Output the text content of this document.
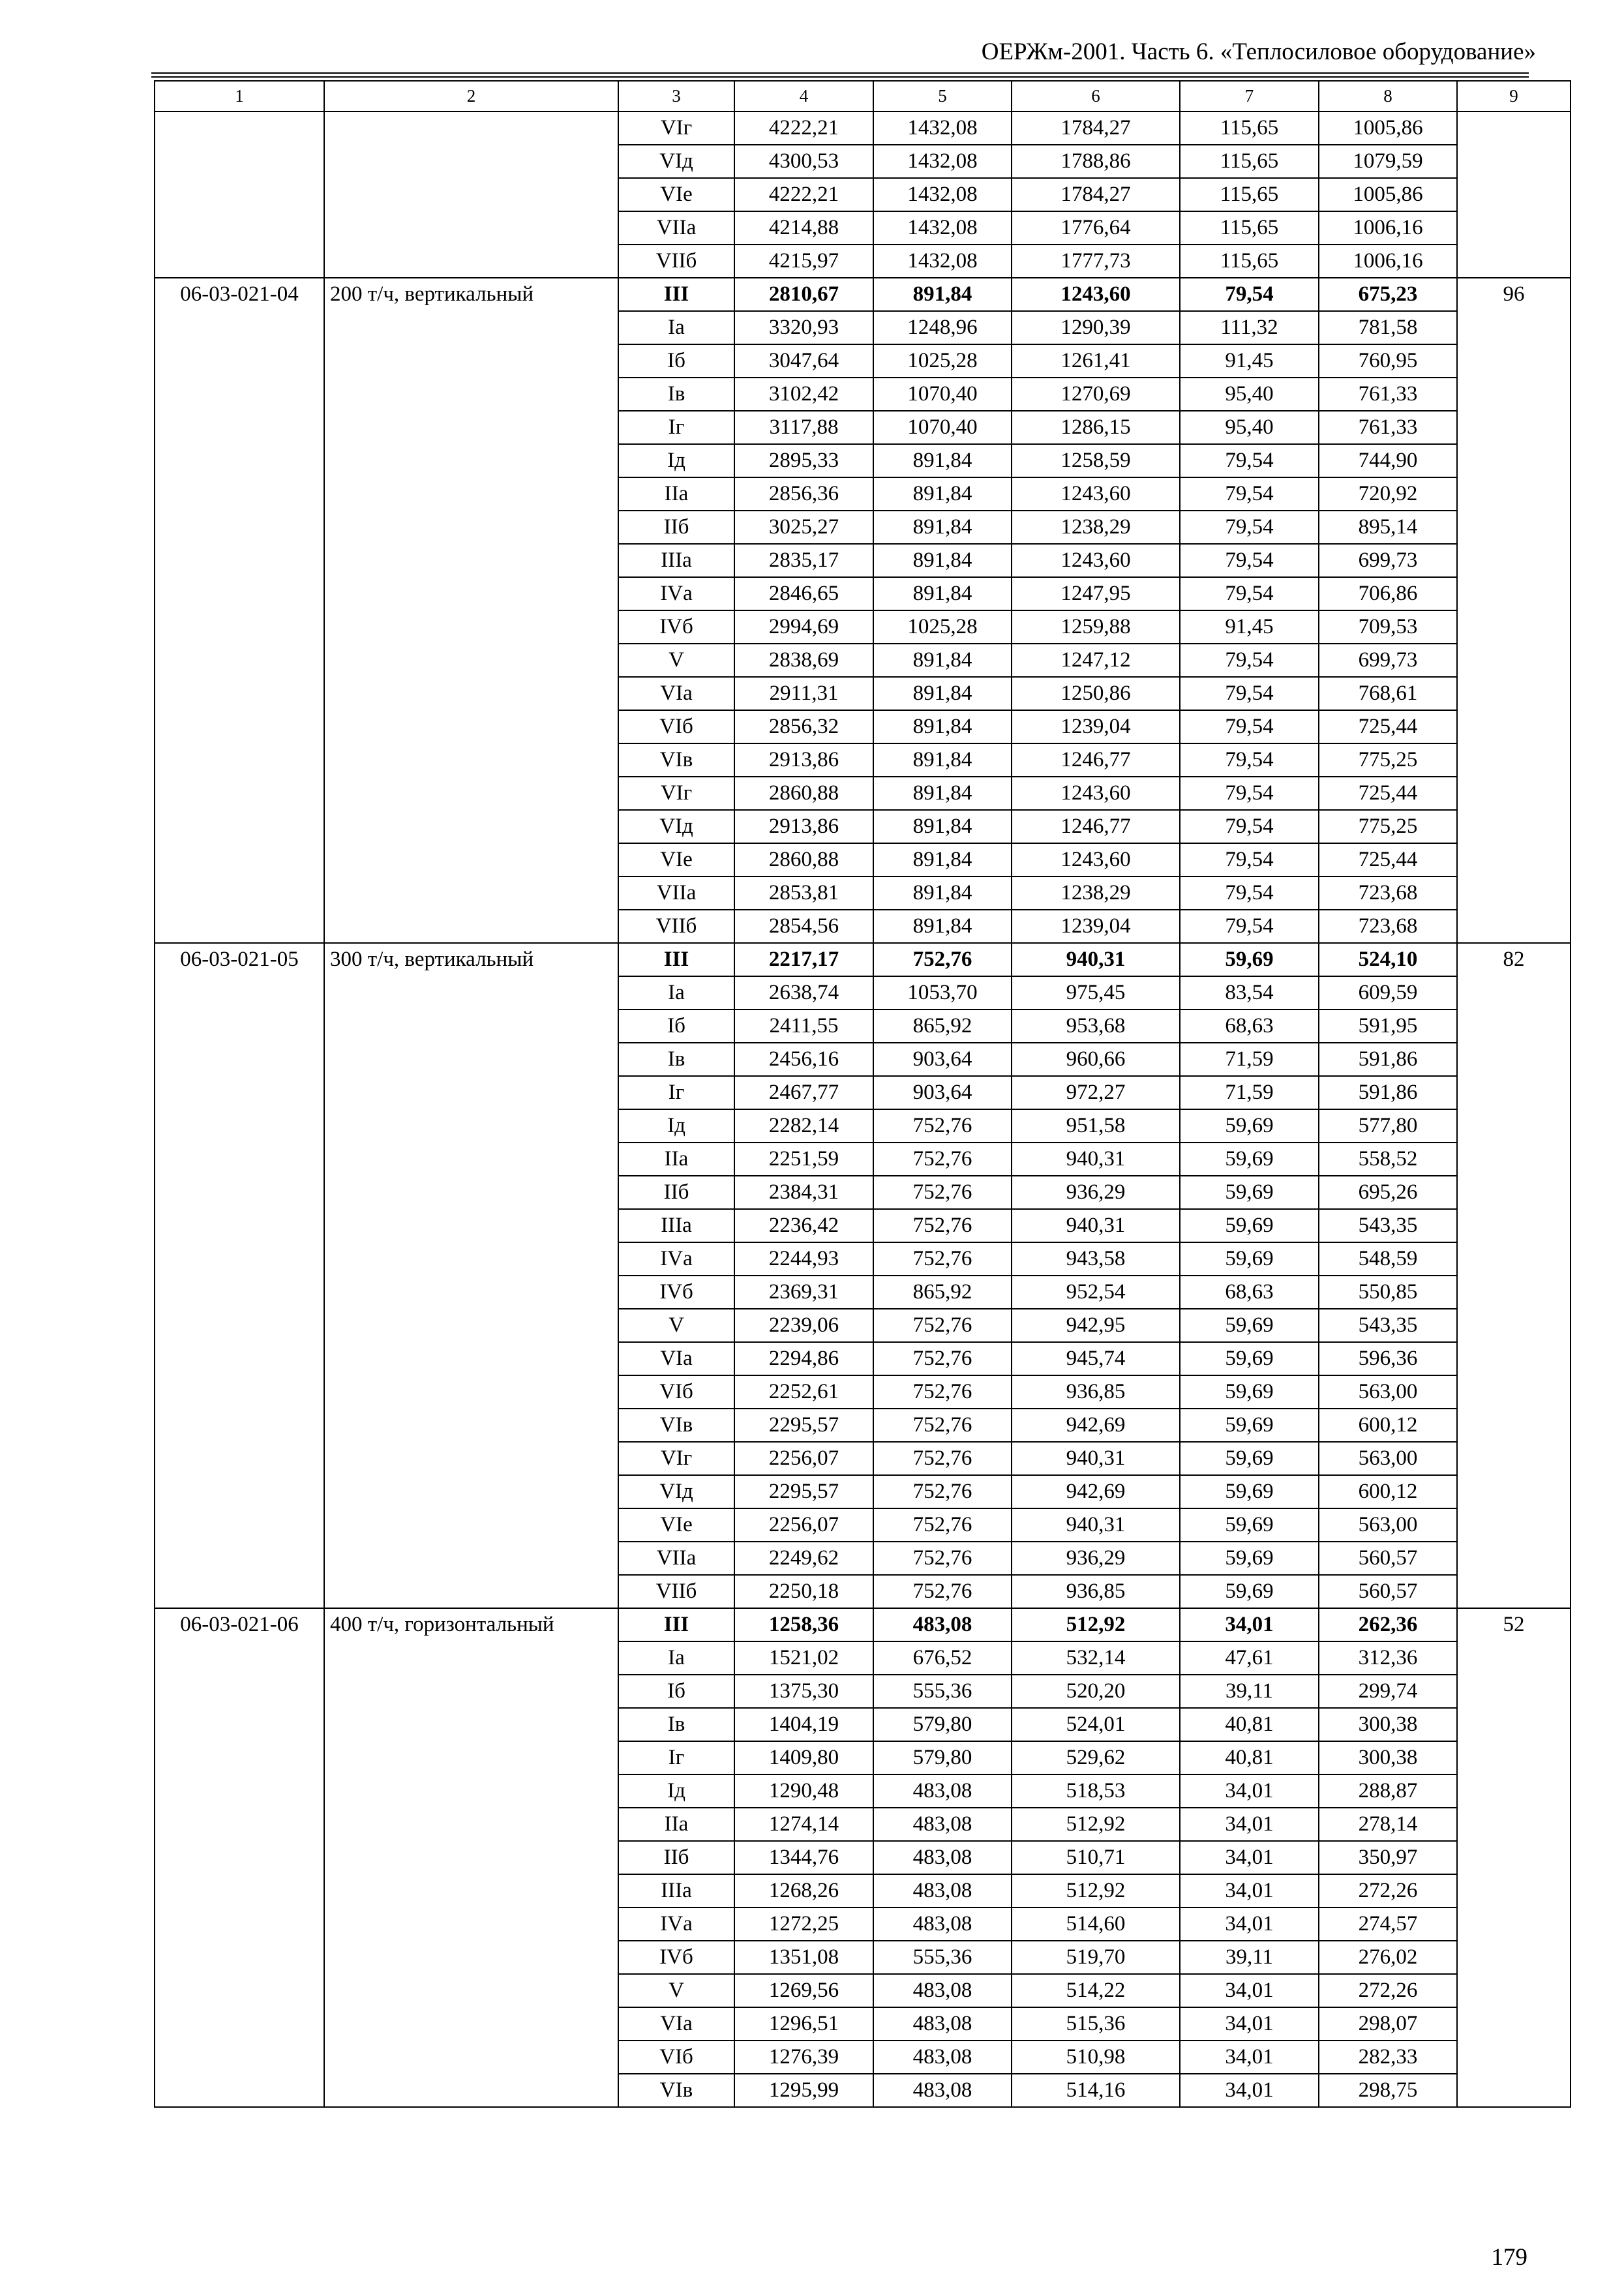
ОЕРЖм-2001. Часть 6. «Теплосиловое оборудование»
1	2	3	4	5	6	7	8	9
		VIг	4222,21	1432,08	1784,27	115,65	1005,86	
		VIд	4300,53	1432,08	1788,86	115,65	1079,59	
		VIе	4222,21	1432,08	1784,27	115,65	1005,86	
		VIIа	4214,88	1432,08	1776,64	115,65	1006,16	
		VIIб	4215,97	1432,08	1777,73	115,65	1006,16	
06-03-021-04	200 т/ч, вертикальный	III	2810,67	891,84	1243,60	79,54	675,23	96
		Iа	3320,93	1248,96	1290,39	111,32	781,58	
		Iб	3047,64	1025,28	1261,41	91,45	760,95	
		Iв	3102,42	1070,40	1270,69	95,40	761,33	
		Iг	3117,88	1070,40	1286,15	95,40	761,33	
		Iд	2895,33	891,84	1258,59	79,54	744,90	
		IIа	2856,36	891,84	1243,60	79,54	720,92	
		IIб	3025,27	891,84	1238,29	79,54	895,14	
		IIIа	2835,17	891,84	1243,60	79,54	699,73	
		IVа	2846,65	891,84	1247,95	79,54	706,86	
		IVб	2994,69	1025,28	1259,88	91,45	709,53	
		V	2838,69	891,84	1247,12	79,54	699,73	
		VIа	2911,31	891,84	1250,86	79,54	768,61	
		VIб	2856,32	891,84	1239,04	79,54	725,44	
		VIв	2913,86	891,84	1246,77	79,54	775,25	
		VIг	2860,88	891,84	1243,60	79,54	725,44	
		VIд	2913,86	891,84	1246,77	79,54	775,25	
		VIе	2860,88	891,84	1243,60	79,54	725,44	
		VIIа	2853,81	891,84	1238,29	79,54	723,68	
		VIIб	2854,56	891,84	1239,04	79,54	723,68	
06-03-021-05	300 т/ч, вертикальный	III	2217,17	752,76	940,31	59,69	524,10	82
		Iа	2638,74	1053,70	975,45	83,54	609,59	
		Iб	2411,55	865,92	953,68	68,63	591,95	
		Iв	2456,16	903,64	960,66	71,59	591,86	
		Iг	2467,77	903,64	972,27	71,59	591,86	
		Iд	2282,14	752,76	951,58	59,69	577,80	
		IIа	2251,59	752,76	940,31	59,69	558,52	
		IIб	2384,31	752,76	936,29	59,69	695,26	
		IIIа	2236,42	752,76	940,31	59,69	543,35	
		IVа	2244,93	752,76	943,58	59,69	548,59	
		IVб	2369,31	865,92	952,54	68,63	550,85	
		V	2239,06	752,76	942,95	59,69	543,35	
		VIа	2294,86	752,76	945,74	59,69	596,36	
		VIб	2252,61	752,76	936,85	59,69	563,00	
		VIв	2295,57	752,76	942,69	59,69	600,12	
		VIг	2256,07	752,76	940,31	59,69	563,00	
		VIд	2295,57	752,76	942,69	59,69	600,12	
		VIе	2256,07	752,76	940,31	59,69	563,00	
		VIIа	2249,62	752,76	936,29	59,69	560,57	
		VIIб	2250,18	752,76	936,85	59,69	560,57	
06-03-021-06	400 т/ч, горизонтальный	III	1258,36	483,08	512,92	34,01	262,36	52
		Iа	1521,02	676,52	532,14	47,61	312,36	
		Iб	1375,30	555,36	520,20	39,11	299,74	
		Iв	1404,19	579,80	524,01	40,81	300,38	
		Iг	1409,80	579,80	529,62	40,81	300,38	
		Iд	1290,48	483,08	518,53	34,01	288,87	
		IIа	1274,14	483,08	512,92	34,01	278,14	
		IIб	1344,76	483,08	510,71	34,01	350,97	
		IIIа	1268,26	483,08	512,92	34,01	272,26	
		IVа	1272,25	483,08	514,60	34,01	274,57	
		IVб	1351,08	555,36	519,70	39,11	276,02	
		V	1269,56	483,08	514,22	34,01	272,26	
		VIа	1296,51	483,08	515,36	34,01	298,07	
		VIб	1276,39	483,08	510,98	34,01	282,33	
		VIв	1295,99	483,08	514,16	34,01	298,75	
179
